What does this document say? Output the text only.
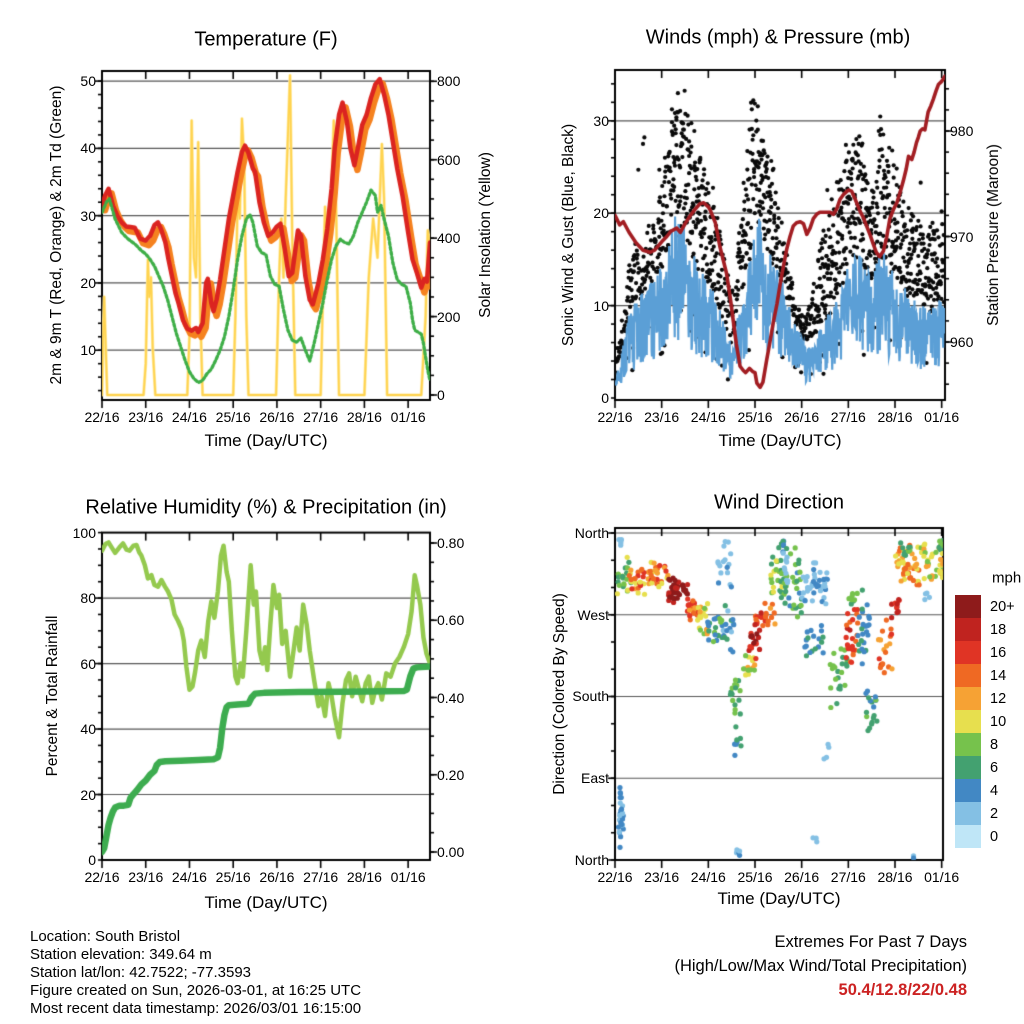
Temperature (F)	Winds (mph) & Pressure (mb)
Relative Humidity (%) & Precipitation (in)	Wind Direction
Time (Day/UTC)	Time (Day/UTC)
Time (Day/UTC)	Time (Day/UTC)
2m & 9m T (Red, Orange) & 2m Td (Green)	Solar Insolation (Yellow)	Sonic Wind & Gust (Blue, Black)	Station Pressure (Maroon)
Percent & Total Rainfall	Direction (Colored By Speed)
22/16 23/16 24/16 25/16 26/16 27/16 28/16 01/16
10
20
30
40
50
0
200
400
600
800
22/16 23/16 24/16 25/16 26/16 27/16 28/16 01/16
0
10
20
30
960
970
980
22/16 23/16 24/16 25/16 26/16 27/16 28/16 01/16
0
20
40
60
80
100
0.00
0.20
0.40
0.60
0.80
22/16 23/16 24/16 25/16 26/16 27/16 28/16 01/16
North
West
South
East
North
mph
20+
18
16
14
12
10
8
6
4
2
0
Location: South Bristol
Station elevation: 349.64 m
Station lat/lon: 42.7522; -77.3593
Figure created on Sun, 2026-03-01, at 16:25 UTC
Most recent data timestamp: 2026/03/01 16:15:00
Extremes For Past 7 Days
(High/Low/Max Wind/Total Precipitation)
50.4/12.8/22/0.48
